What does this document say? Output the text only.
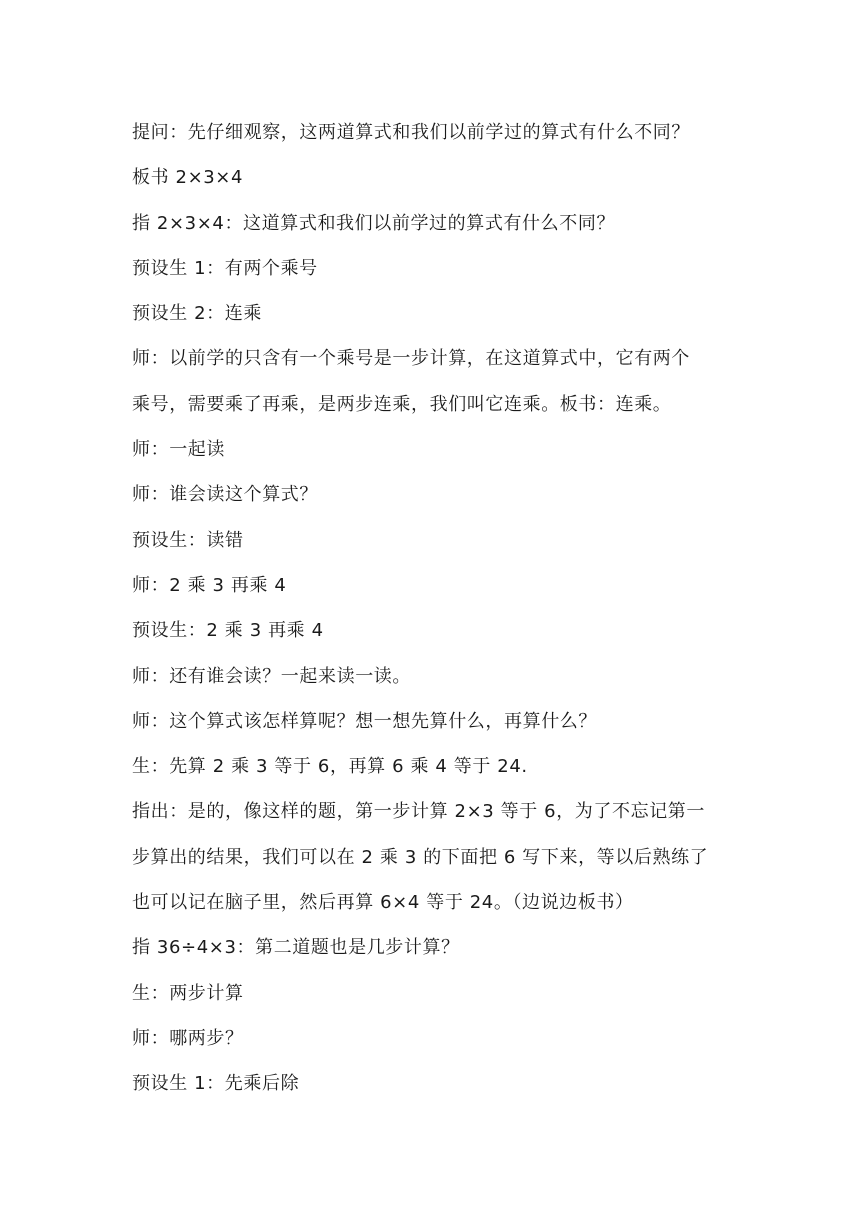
提问：先仔细观察，这两道算式和我们以前学过的算式有什么不同？
板书 2×3×4
指 2×3×4：这道算式和我们以前学过的算式有什么不同？
预设生 1：有两个乘号
预设生 2：连乘
师：以前学的只含有一个乘号是一步计算，在这道算式中，它有两个
乘号，需要乘了再乘，是两步连乘，我们叫它连乘。板书：连乘。
师：一起读
师：谁会读这个算式？
预设生：读错
师：2 乘 3 再乘 4
预设生：2 乘 3 再乘 4
师：还有谁会读？一起来读一读。
师：这个算式该怎样算呢？想一想先算什么，再算什么？
生：先算 2 乘 3 等于 6，再算 6 乘 4 等于 24.
指出：是的，像这样的题，第一步计算 2×3 等于 6，为了不忘记第一
步算出的结果，我们可以在 2 乘 3 的下面把 6 写下来，等以后熟练了
也可以记在脑子里，然后再算 6×4 等于 24。（边说边板书）
指 36÷4×3：第二道题也是几步计算？
生：两步计算
师：哪两步？
预设生 1：先乘后除
